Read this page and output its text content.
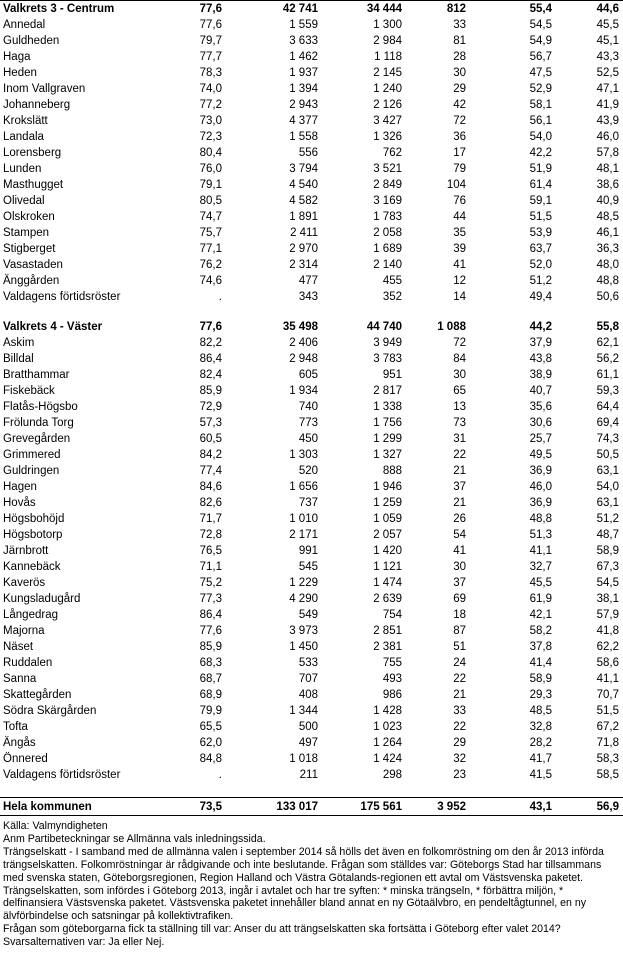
Valkrets 3 - Centrum	77,6	42 741	34 444	812	55,4	44,6
Annedal	77,6	1 559	1 300	33	54,5	45,5
Guldheden	79,7	3 633	2 984	81	54,9	45,1
Haga	77,7	1 462	1 118	28	56,7	43,3
Heden	78,3	1 937	2 145	30	47,5	52,5
Inom Vallgraven	74,0	1 394	1 240	29	52,9	47,1
Johanneberg	77,2	2 943	2 126	42	58,1	41,9
Krokslätt	73,0	4 377	3 427	72	56,1	43,9
Landala	72,3	1 558	1 326	36	54,0	46,0
Lorensberg	80,4	556	762	17	42,2	57,8
Lunden	76,0	3 794	3 521	79	51,9	48,1
Masthugget	79,1	4 540	2 849	104	61,4	38,6
Olivedal	80,5	4 582	3 169	76	59,1	40,9
Olskroken	74,7	1 891	1 783	44	51,5	48,5
Stampen	75,7	2 411	2 058	35	53,9	46,1
Stigberget	77,1	2 970	1 689	39	63,7	36,3
Vasastaden	76,2	2 314	2 140	41	52,0	48,0
Änggården	74,6	477	455	12	51,2	48,8
Valdagens förtidsröster	.	343	352	14	49,4	50,6

Valkrets 4 - Väster	77,6	35 498	44 740	1 088	44,2	55,8
Askim	82,2	2 406	3 949	72	37,9	62,1
Billdal	86,4	2 948	3 783	84	43,8	56,2
Bratthammar	82,4	605	951	30	38,9	61,1
Fiskebäck	85,9	1 934	2 817	65	40,7	59,3
Flatås-Högsbo	72,9	740	1 338	13	35,6	64,4
Frölunda Torg	57,3	773	1 756	73	30,6	69,4
Grevegården	60,5	450	1 299	31	25,7	74,3
Grimmered	84,2	1 303	1 327	22	49,5	50,5
Guldringen	77,4	520	888	21	36,9	63,1
Hagen	84,6	1 656	1 946	37	46,0	54,0
Hovås	82,6	737	1 259	21	36,9	63,1
Högsbohöjd	71,7	1 010	1 059	26	48,8	51,2
Högsbotorp	72,8	2 171	2 057	54	51,3	48,7
Järnbrott	76,5	991	1 420	41	41,1	58,9
Kannebäck	71,1	545	1 121	30	32,7	67,3
Kaverös	75,2	1 229	1 474	37	45,5	54,5
Kungsladugård	77,3	4 290	2 639	69	61,9	38,1
Långedrag	86,4	549	754	18	42,1	57,9
Majorna	77,6	3 973	2 851	87	58,2	41,8
Näset	85,9	1 450	2 381	51	37,8	62,2
Ruddalen	68,3	533	755	24	41,4	58,6
Sanna	68,7	707	493	22	58,9	41,1
Skattegården	68,9	408	986	21	29,3	70,7
Södra Skärgården	79,9	1 344	1 428	33	48,5	51,5
Tofta	65,5	500	1 023	22	32,8	67,2
Ängås	62,0	497	1 264	29	28,2	71,8
Önnered	84,8	1 018	1 424	32	41,7	58,3
Valdagens förtidsröster	.	211	298	23	41,5	58,5

Hela kommunen	73,5	133 017	175 561	3 952	43,1	56,9

Källa: Valmyndigheten

Anm Partibeteckningar se Allmänna vals inledningssida.

Trängselskatt - I samband med de allmänna valen i september 2014 så hölls det även en folkomröstning om den år 2013 införda trängselskatten. Folkomröstningar är rådgivande och inte beslutande. Frågan som ställdes var: Göteborgs Stad har tillsammans med svenska staten, Göteborgsregionen, Region Halland och Västra Götalands-regionen ett avtal om Västsvenska paketet. Trängselskatten, som infördes i Göteborg 2013, ingår i avtalet och har tre syften: * minska trängseln, * förbättra miljön, * delfinansiera Västsvenska paketet. Västsvenska paketet innehåller bland annat en ny Götaälvbro, en pendeltågtunnel, en ny älvförbindelse och satsningar på kollektivtrafiken.

Frågan som göteborgarna fick ta ställning till var: Anser du att trängselskatten ska fortsätta i Göteborg efter valet 2014? Svarsalternativen var: Ja eller Nej.
